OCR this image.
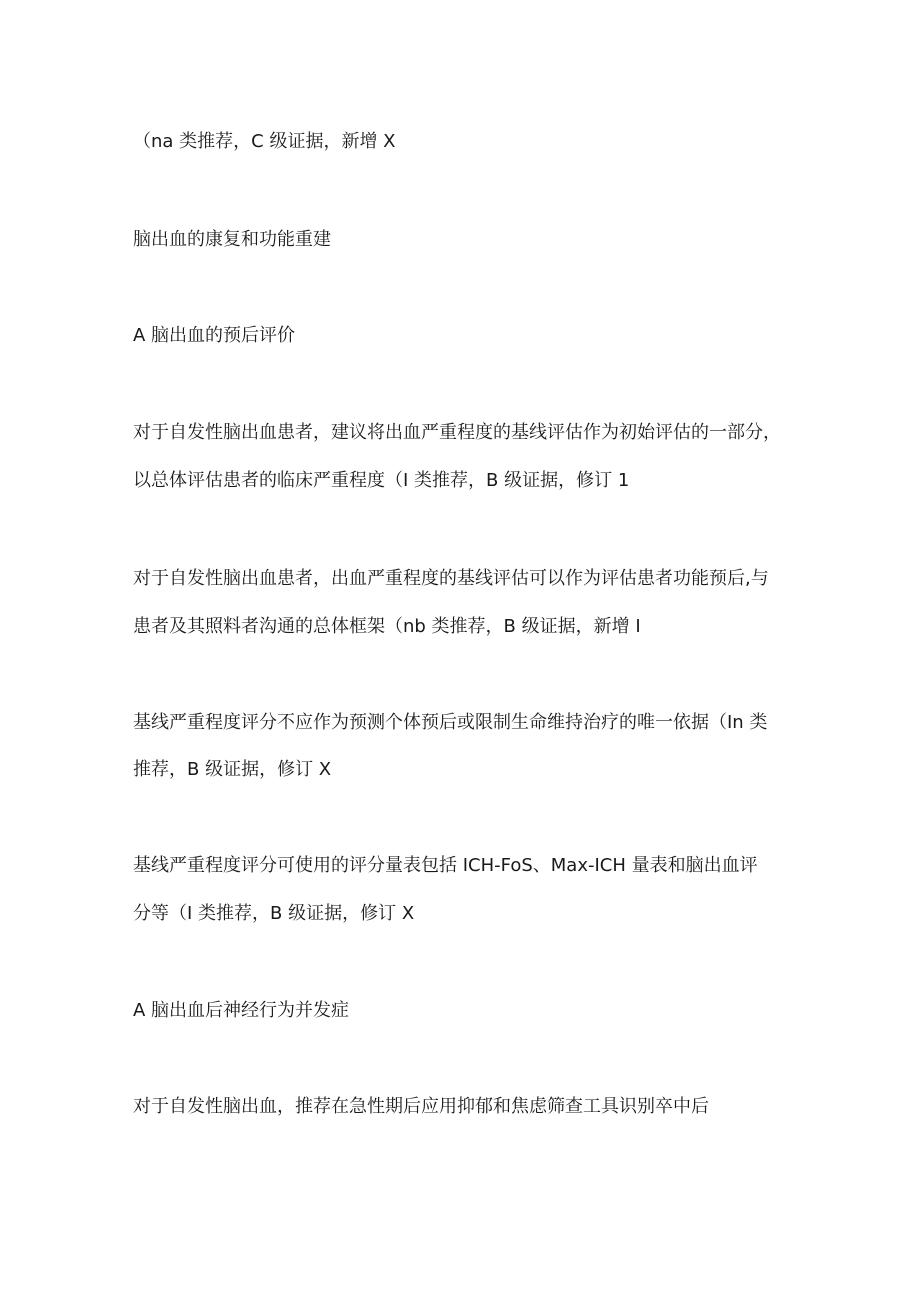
（na 类推荐，C 级证据，新增 X
脑出血的康复和功能重建
A 脑出血的预后评价
对于自发性脑出血患者，建议将出血严重程度的基线评估作为初始评估的一部分，
以总体评估患者的临床严重程度（I 类推荐，B 级证据，修订 1
对于自发性脑出血患者，出血严重程度的基线评估可以作为评估患者功能预后,与
患者及其照料者沟通的总体框架（nb 类推荐，B 级证据，新增 I
基线严重程度评分不应作为预测个体预后或限制生命维持治疗的唯一依据（In 类
推荐，B 级证据，修订 X
基线严重程度评分可使用的评分量表包括 ICH-FoS、Max-ICH 量表和脑出血评
分等（I 类推荐，B 级证据，修订 X
A 脑出血后神经行为并发症
对于自发性脑出血，推荐在急性期后应用抑郁和焦虑筛查工具识别卒中后
